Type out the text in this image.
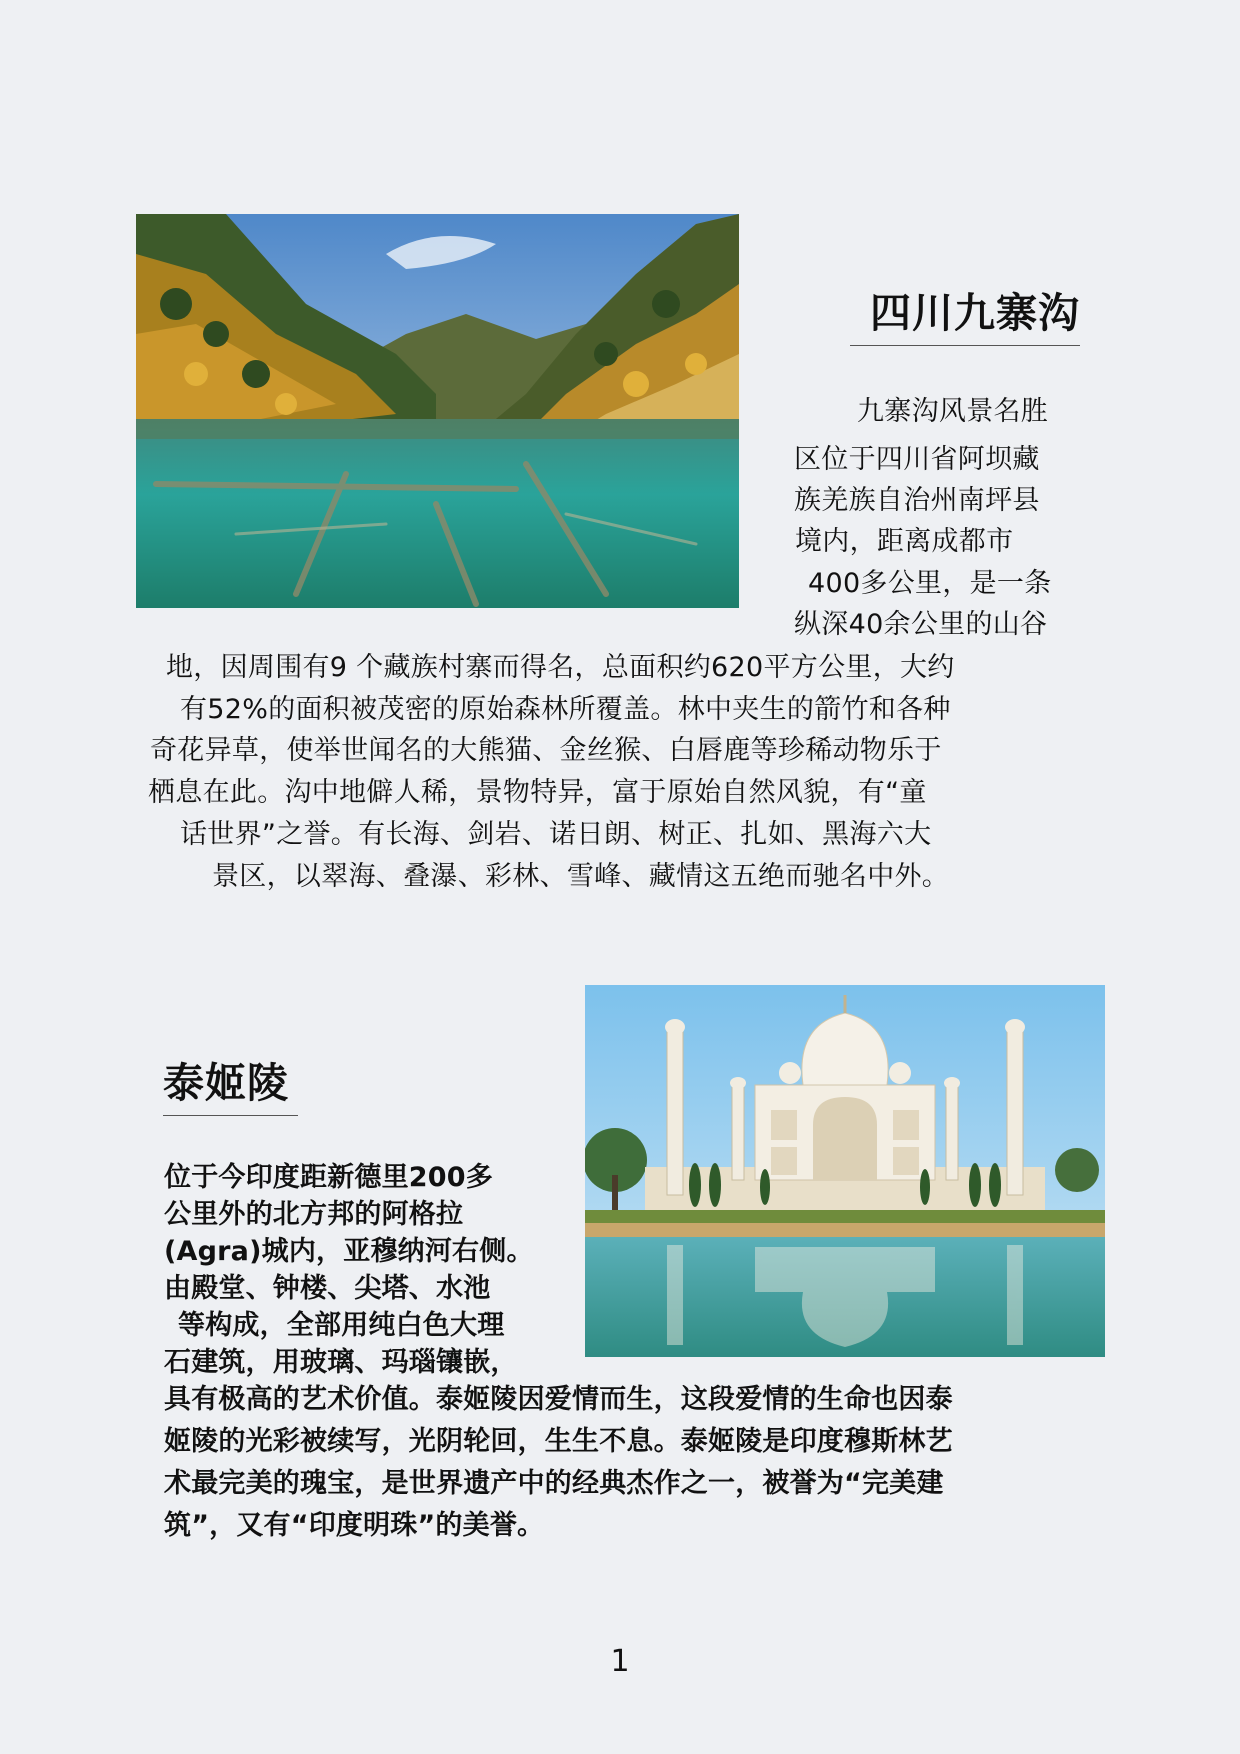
四川九寨沟
九寨沟风景名胜
区位于四川省阿坝藏
族羌族自治州南坪县
境内，距离成都市
400多公里，是一条
纵深40余公里的山谷
地，因周围有9 个藏族村寨而得名，总面积约620平方公里，大约
有52%的面积被茂密的原始森林所覆盖。林中夹生的箭竹和各种
奇花异草，使举世闻名的大熊猫、金丝猴、白唇鹿等珍稀动物乐于
栖息在此。沟中地僻人稀，景物特异，富于原始自然风貌，有“童
话世界”之誉。有长海、剑岩、诺日朗、树正、扎如、黑海六大
景区，以翠海、叠瀑、彩林、雪峰、藏情这五绝而驰名中外。
泰姬陵
位于今印度距新德里200多
公里外的北方邦的阿格拉
(Agra)城内，亚穆纳河右侧。
由殿堂、钟楼、尖塔、水池
等构成，全部用纯白色大理
石建筑，用玻璃、玛瑙镶嵌，
具有极高的艺术价值。泰姬陵因爱情而生，这段爱情的生命也因泰
姬陵的光彩被续写，光阴轮回，生生不息。泰姬陵是印度穆斯林艺
术最完美的瑰宝，是世界遗产中的经典杰作之一，被誉为“完美建
筑”，又有“印度明珠”的美誉。
1
